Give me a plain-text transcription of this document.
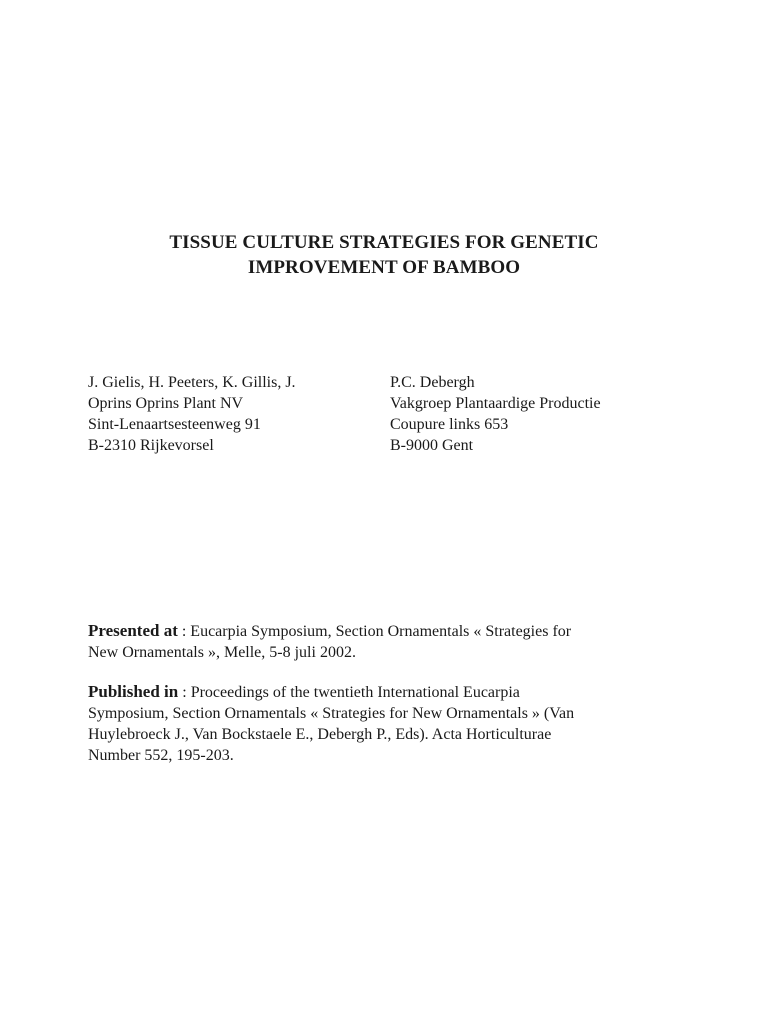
TISSUE CULTURE STRATEGIES FOR GENETIC
IMPROVEMENT OF BAMBOO
J. Gielis, H. Peeters, K. Gillis, J.
Oprins Oprins Plant NV
Sint-Lenaartsesteenweg 91
B-2310 Rijkevorsel
P.C. Debergh
Vakgroep Plantaardige Productie
Coupure links 653
B-9000 Gent
Presented at : Eucarpia Symposium, Section Ornamentals « Strategies for
New Ornamentals », Melle, 5-8 juli 2002.
Published in : Proceedings of the twentieth International Eucarpia
Symposium, Section Ornamentals « Strategies for New Ornamentals » (Van
Huylebroeck J., Van Bockstaele E., Debergh P., Eds). Acta Horticulturae
Number 552, 195-203.
